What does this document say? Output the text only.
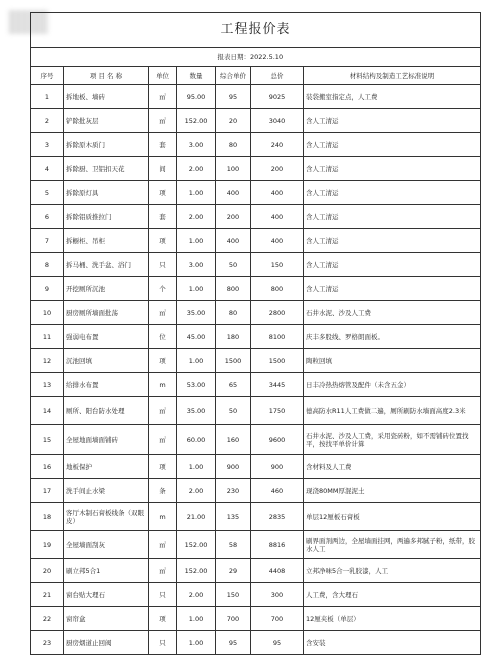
工程报价表						
				报表日期：2022.5.10		
序号	项 目 名 称	单位	数量	综合单价	总价	材料结构及制造工艺标准说明
1	拆地板、墙砖	㎡	95.00	95	9025	装袋搬室指定点，人工费
2	铲除批灰层	㎡	152.00	20	3040	含人工清运
3	拆除原木质门	套	3.00	80	240	含人工清运
4	拆除厨、卫铝扣天花	间	2.00	100	200	含人工清运
5	拆除原灯具	项	1.00	400	400	含人工清运
6	拆除铝质推拉门	套	2.00	200	400	含人工清运
7	拆橱柜、吊柜	项	1.00	400	400	含人工清运
8	拆马桶、洗手盆、浴门	只	3.00	50	150	含人工清运
9	开挖厕所沉池	个	1.00	800	800	含人工清运
10	厨房厕所墙面批荡	㎡	35.00	80	2800	石井水泥、沙及人工费
11	强弱电布置	位	45.00	180	8100	庆丰多股线、罗格朗面板。
12	沉池回填	项	1.00	1500	1500	陶粒回填
13	给排水布置	m	53.00	65	3445	日丰冷热热熔管及配件（未含五金）
14	厕所、阳台防水处理	㎡	35.00	50	1750	德高防水R11人工费做二遍，厕所刷防水墙面高度2.3米
15	全屋地面墙面铺砖	㎡	60.00	160	9600	石井水泥、沙及人工费，采用瓷砖粉，如不需铺砖位置找平，按找平单价计算
16	地板保护	项	1.00	900	900	含材料及人工费
17	洗手间止水梁	条	2.00	230	460	现浇80MM厚混泥土
18	客厅木制石膏板线条（双眼皮）	m	21.00	135	2835	单层12厘板石膏板
19	全屋墙面刮灰	㎡	152.00	58	8816	刷界面剂两边，全屋墙面挂网，两遍多邦腻子粉，纸带，胶水人工
20	刷立邦5合1	㎡	152.00	29	4408	立邦净味5合一乳胶漆，人工
21	窗台贴大理石	只	2.00	150	300	人工费，含大理石
22	窗帘盒	项	1.00	700	700	12厘夹板（单层）
23	厨房烟道止回阀	只	1.00	95	95	含安装
